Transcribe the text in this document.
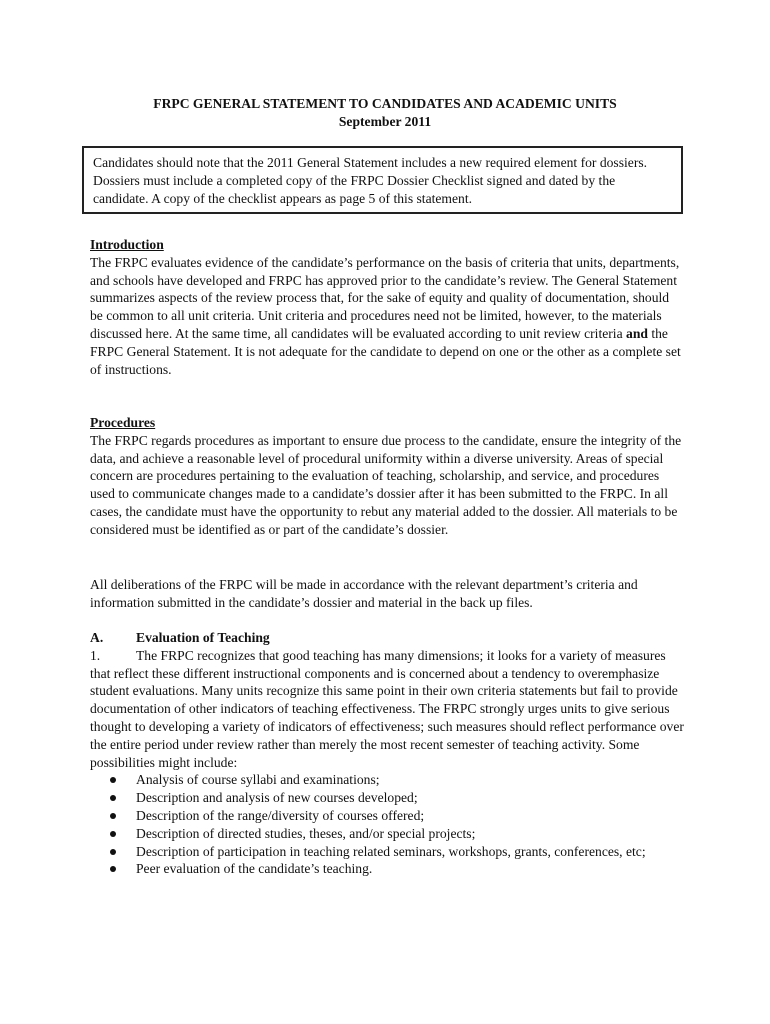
FRPC GENERAL STATEMENT TO CANDIDATES AND ACADEMIC UNITS
September 2011
Candidates should note that the 2011 General Statement includes a new required element for dossiers. Dossiers must include a completed copy of the FRPC Dossier Checklist signed and dated by the candidate. A copy of the checklist appears as page 5 of this statement.
Introduction
The FRPC evaluates evidence of the candidate’s performance on the basis of criteria that units, departments, and schools have developed and FRPC has approved prior to the candidate’s review. The General Statement summarizes aspects of the review process that, for the sake of equity and quality of documentation, should be common to all unit criteria. Unit criteria and procedures need not be limited, however, to the materials discussed here. At the same time, all candidates will be evaluated according to unit review criteria and the FRPC General Statement. It is not adequate for the candidate to depend on one or the other as a complete set of instructions.
Procedures
The FRPC regards procedures as important to ensure due process to the candidate, ensure the integrity of the data, and achieve a reasonable level of procedural uniformity within a diverse university. Areas of special concern are procedures pertaining to the evaluation of teaching, scholarship, and service, and procedures used to communicate changes made to a candidate’s dossier after it has been submitted to the FRPC. In all cases, the candidate must have the opportunity to rebut any material added to the dossier. All materials to be considered must be identified as or part of the candidate’s dossier.
All deliberations of the FRPC will be made in accordance with the relevant department’s criteria and information submitted in the candidate’s dossier and material in the back up files.
A. Evaluation of Teaching
1.	The FRPC recognizes that good teaching has many dimensions; it looks for a variety of measures that reflect these different instructional components and is concerned about a tendency to overemphasize student evaluations. Many units recognize this same point in their own criteria statements but fail to provide documentation of other indicators of teaching effectiveness. The FRPC strongly urges units to give serious thought to developing a variety of indicators of effectiveness; such measures should reflect performance over the entire period under review rather than merely the most recent semester of teaching activity. Some possibilities might include:
Analysis of course syllabi and examinations;
Description and analysis of new courses developed;
Description of the range/diversity of courses offered;
Description of directed studies, theses, and/or special projects;
Description of participation in teaching related seminars, workshops, grants, conferences, etc;
Peer evaluation of the candidate’s teaching.
